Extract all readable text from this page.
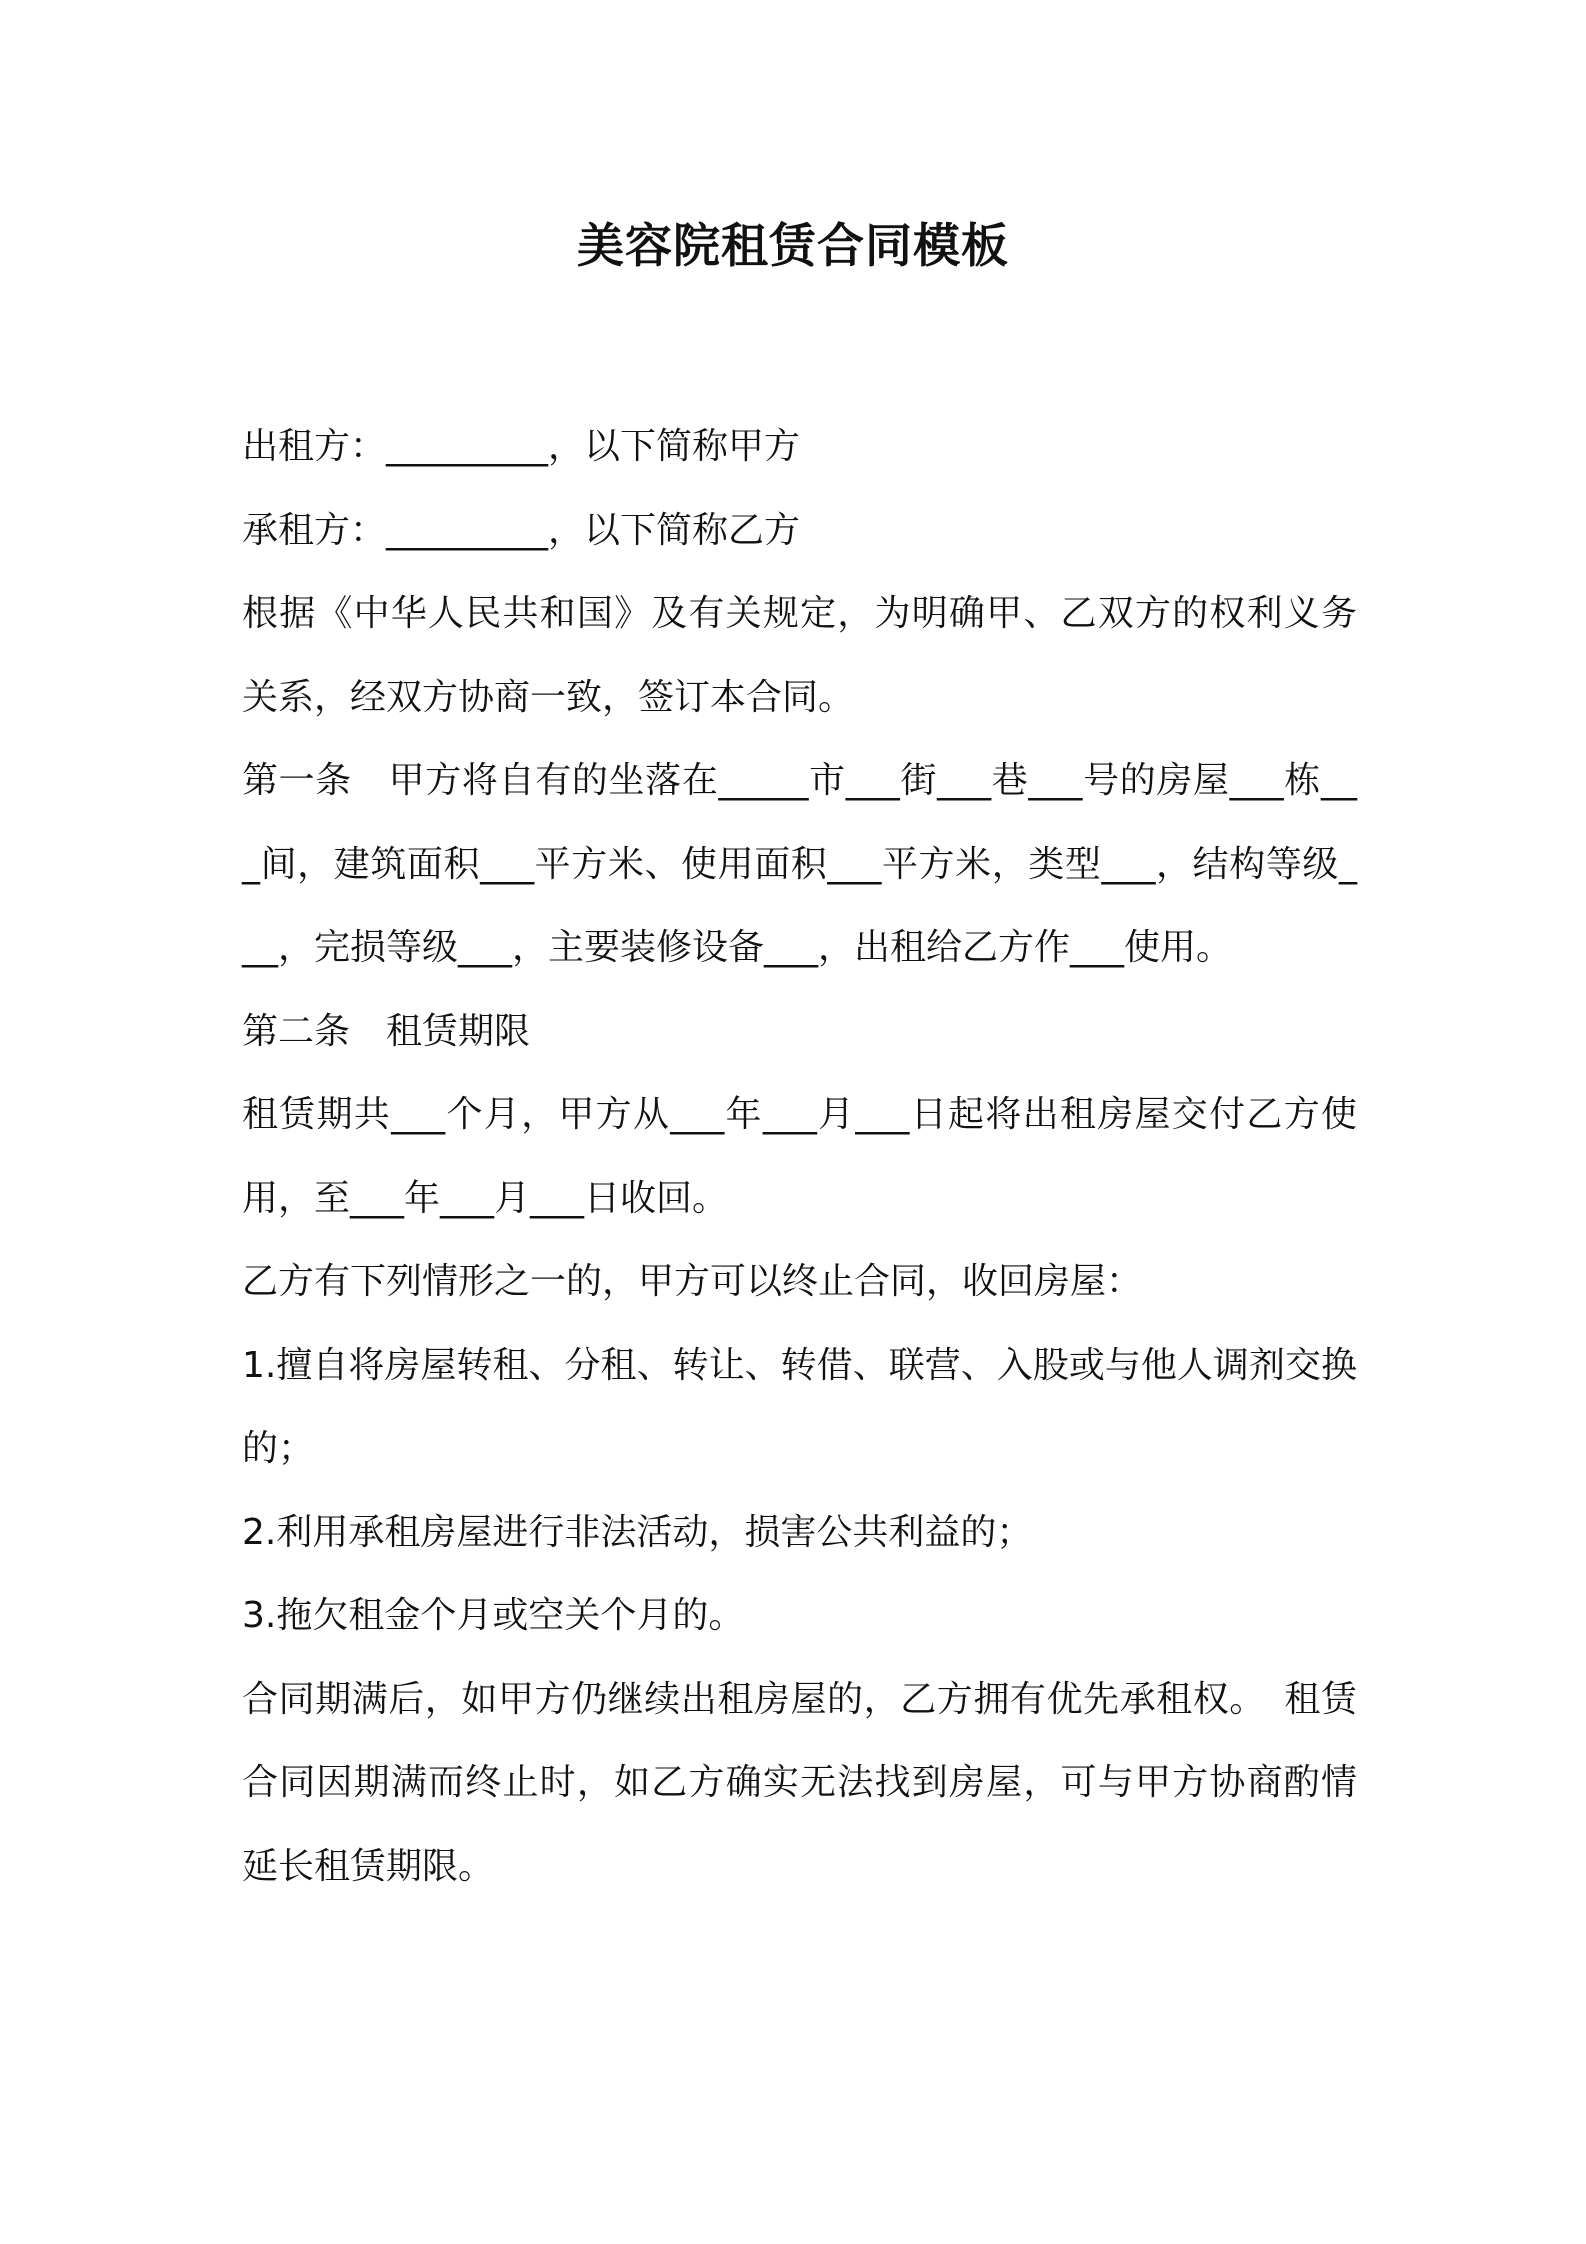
美容院租赁合同模板

出租方：_________，以下简称甲方

承租方：_________，以下简称乙方

根据《中华人民共和国》及有关规定，为明确甲、乙双方的权利义务关系，经双方协商一致，签订本合同。

第一条　甲方将自有的坐落在_____市___街___巷___号的房屋___栋___间，建筑面积___平方米、使用面积___平方米，类型___，结构等级___，完损等级___，主要装修设备___，出租给乙方作___使用。

第二条　租赁期限

租赁期共___个月，甲方从___年___月___日起将出租房屋交付乙方使用，至___年___月___日收回。

乙方有下列情形之一的，甲方可以终止合同，收回房屋：

1.擅自将房屋转租、分租、转让、转借、联营、入股或与他人调剂交换的；

2.利用承租房屋进行非法活动，损害公共利益的；

3.拖欠租金个月或空关个月的。

合同期满后，如甲方仍继续出租房屋的，乙方拥有优先承租权。　租赁合同因期满而终止时，如乙方确实无法找到房屋，可与甲方协商酌情延长租赁期限。
